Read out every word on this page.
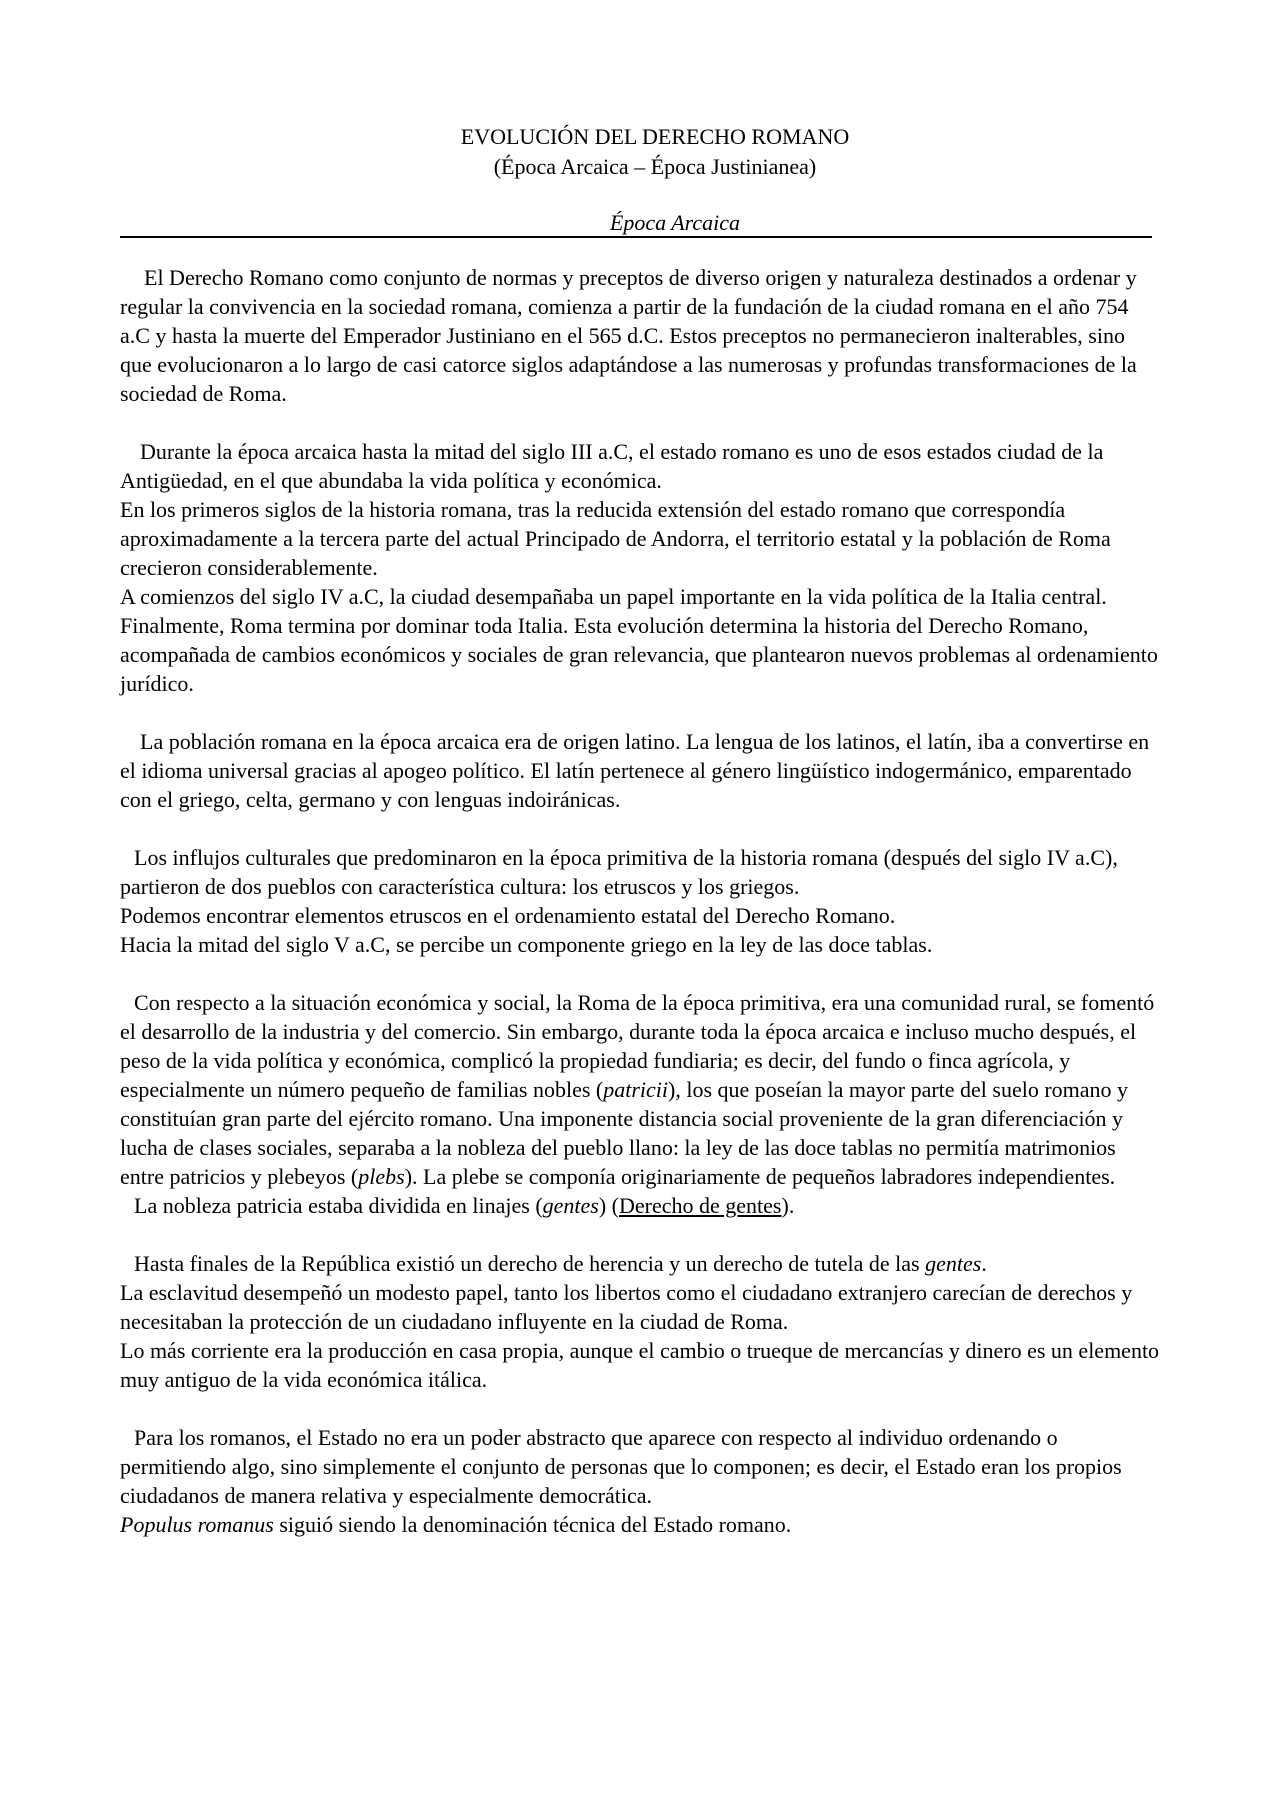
EVOLUCIÓN DEL DERECHO ROMANO
(Época Arcaica – Época Justinianea)
Época Arcaica

El Derecho Romano como conjunto de normas y preceptos de diverso origen y naturaleza destinados a ordenar y regular la convivencia en la sociedad romana, comienza a partir de la fundación de la ciudad romana en el año 754 a.C y hasta la muerte del Emperador Justiniano en el 565 d.C. Estos preceptos no permanecieron inalterables, sino que evolucionaron a lo largo de casi catorce siglos adaptándose a las numerosas y profundas transformaciones de la sociedad de Roma.

Durante la época arcaica hasta la mitad del siglo III a.C, el estado romano es uno de esos estados ciudad de la Antigüedad, en el que abundaba la vida política y económica.

En los primeros siglos de la historia romana, tras la reducida extensión del estado romano que correspondía aproximadamente a la tercera parte del actual Principado de Andorra, el territorio estatal y la población de Roma crecieron considerablemente.

A comienzos del siglo IV a.C, la ciudad desempañaba un papel importante en la vida política de la Italia central.

Finalmente, Roma termina por dominar toda Italia. Esta evolución determina la historia del Derecho Romano, acompañada de cambios económicos y sociales de gran relevancia, que plantearon nuevos problemas al ordenamiento jurídico.

La población romana en la época arcaica era de origen latino. La lengua de los latinos, el latín, iba a convertirse en el idioma universal gracias al apogeo político. El latín pertenece al género lingüístico indogermánico, emparentado con el griego, celta, germano y con lenguas indoiránicas.

Los influjos culturales que predominaron en la época primitiva de la historia romana (después del siglo IV a.C), partieron de dos pueblos con característica cultura: los etruscos y los griegos.

Podemos encontrar elementos etruscos en el ordenamiento estatal del Derecho Romano.

Hacia la mitad del siglo V a.C, se percibe un componente griego en la ley de las doce tablas.

Con respecto a la situación económica y social, la Roma de la época primitiva, era una comunidad rural, se fomentó el desarrollo de la industria y del comercio. Sin embargo, durante toda la época arcaica e incluso mucho después, el peso de la vida política y económica, complicó la propiedad fundiaria; es decir, del fundo o finca agrícola, y especialmente un número pequeño de familias nobles (patricii), los que poseían la mayor parte del suelo romano y constituían gran parte del ejército romano. Una imponente distancia social proveniente de la gran diferenciación y lucha de clases sociales, separaba a la nobleza del pueblo llano: la ley de las doce tablas no permitía matrimonios entre patricios y plebeyos (plebs). La plebe se componía originariamente de pequeños labradores independientes.

La nobleza patricia estaba dividida en linajes (gentes) (Derecho de gentes).

Hasta finales de la República existió un derecho de herencia y un derecho de tutela de las gentes.

La esclavitud desempeñó un modesto papel, tanto los libertos como el ciudadano extranjero carecían de derechos y necesitaban la protección de un ciudadano influyente en la ciudad de Roma.

Lo más corriente era la producción en casa propia, aunque el cambio o trueque de mercancías y dinero es un elemento muy antiguo de la vida económica itálica.

Para los romanos, el Estado no era un poder abstracto que aparece con respecto al individuo ordenando o permitiendo algo, sino simplemente el conjunto de personas que lo componen; es decir, el Estado eran los propios ciudadanos de manera relativa y especialmente democrática.

Populus romanus siguió siendo la denominación técnica del Estado romano.
